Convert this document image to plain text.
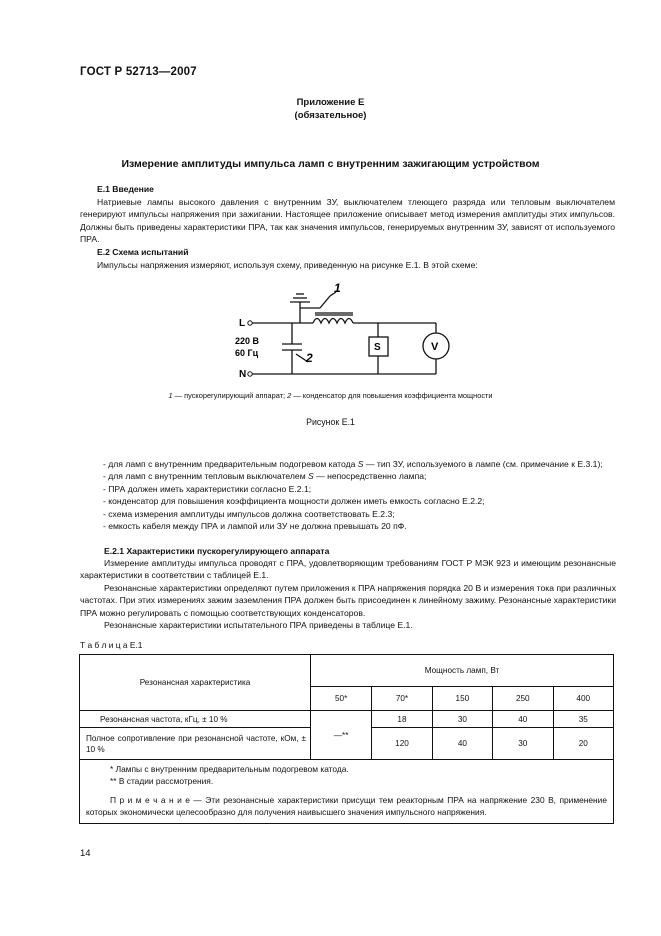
ГОСТ Р 52713—2007
Приложение Е
(обязательное)
Измерение амплитуды импульса ламп с внутренним зажигающим устройством
Е.1 Введение
Натриевые лампы высокого давления с внутренним ЗУ, выключателем тлеющего разряда или тепловым выключателем генерируют импульсы напряжения при зажигании. Настоящее приложение описывает метод измерения амплитуды этих импульсов. Должны быть приведены характеристики ПРА, так как значения импульсов, генерируемых внутренним ЗУ, зависят от используемого ПРА.
Е.2 Схема испытаний
Импульсы напряжения измеряют, используя схему, приведенную на рисунке Е.1. В этой схеме:
L
N
220 В
60 Гц
1
2
S	V
1 — пускорегулирующий аппарат; 2 — конденсатор для повышения коэффициента мощности
Рисунок Е.1
- для ламп с внутренним предварительным подогревом катода S — тип ЗУ, используемого в лампе (см. примечание к Е.3.1);
- для ламп с внутренним тепловым выключателем S — непосредственно лампа;
- ПРА должен иметь характеристики согласно Е.2.1;
- конденсатор для повышения коэффициента мощности должен иметь емкость согласно Е.2.2;
- схема измерения амплитуды импульсов должна соответствовать Е.2.3;
- емкость кабеля между ПРА и лампой или ЗУ не должна превышать 20 пФ.
Е.2.1 Характеристики пускорегулирующего аппарата
Измерение амплитуды импульса проводят с ПРА, удовлетворяющим требованиям ГОСТ Р МЭК 923 и имеющим резонансные характеристики в соответствии с таблицей Е.1.
Резонансные характеристики определяют путем приложения к ПРА напряжения порядка 20 В и измерения тока при различных частотах. При этих измерениях зажим заземления ПРА должен быть присоединен к линейному зажиму. Резонансные характеристики ПРА можно регулировать с помощью соответствующих конденсаторов.
Резонансные характеристики испытательного ПРА приведены в таблице Е.1.
Т а б л и ц а Е.1
Резонансная характеристика	Мощность ламп, Вт				
	50*	70*	150	250	400
Резонансная частота, кГц, ± 10 %	—**	18	30	40	35
Полное сопротивление при резонансной частоте, кОм, ± 10 %		120	40	30	20

* Лампы с внутренним предварительным подогревом катода.
** В стадии рассмотрения.
П р и м е ч а н и е — Эти резонансные характеристики присущи тем реакторным ПРА на напряжение 230 В, применение которых экономически целесообразно для получения наивысшего значения импульсного напряжения.					
14
